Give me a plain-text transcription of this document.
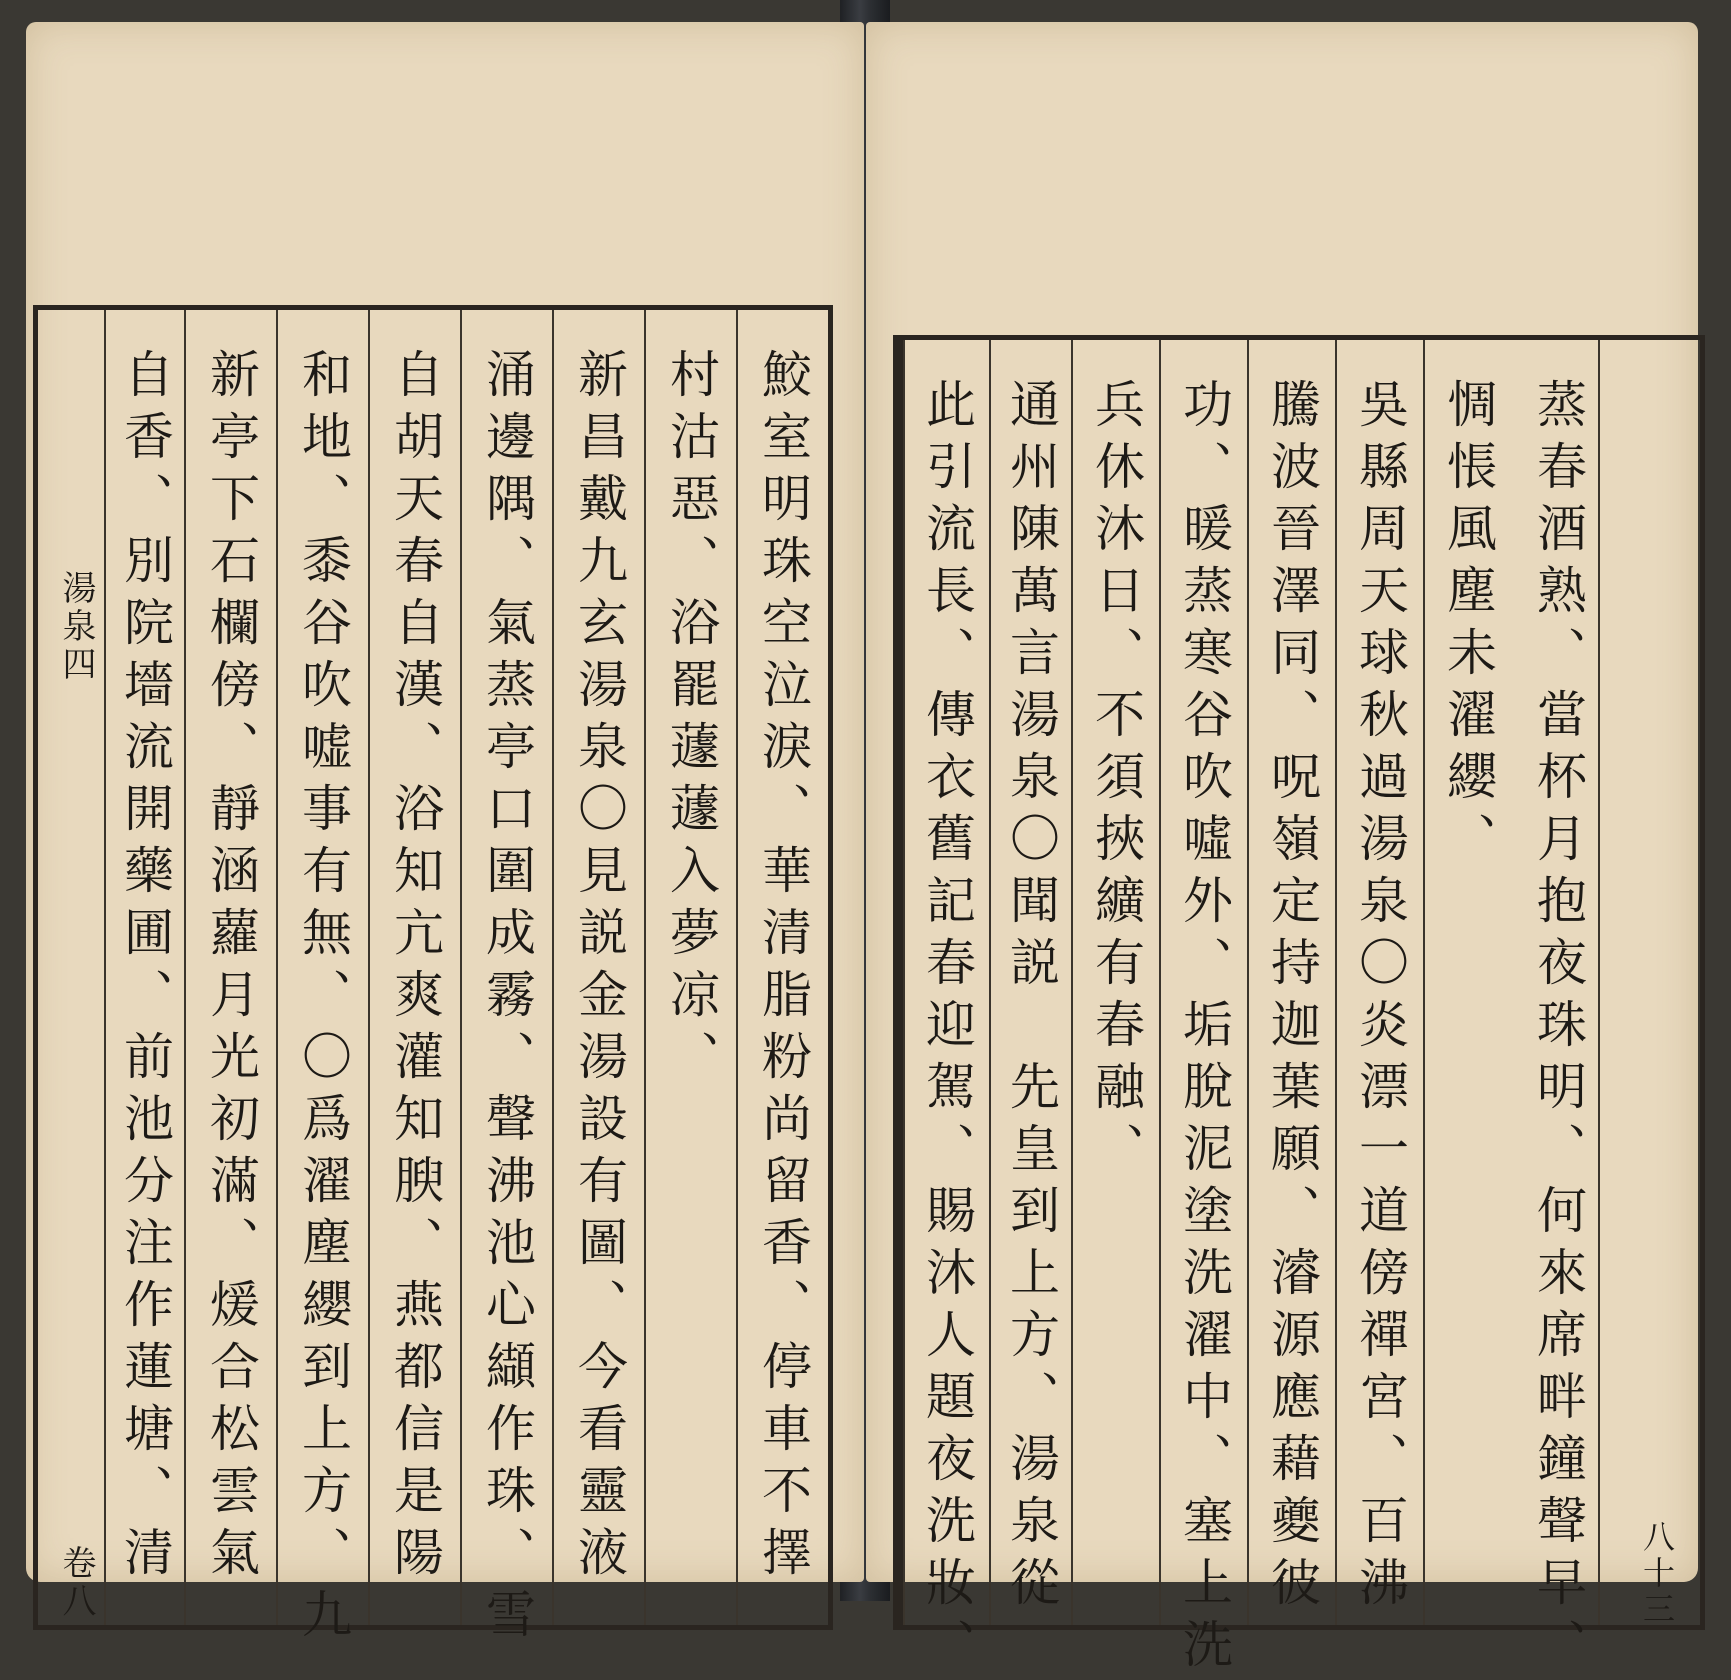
湯泉四
卷八	鮫室明珠空泣淚、華清脂粉尚留香、停車不擇
村沽惡、浴罷蘧蘧入夢凉、
新昌戴九玄湯泉〇見説金湯設有圖、今看靈液
涌邊隅、氣蒸亭口圍成霧、聲沸池心纈作珠、雪
自胡天春自漢、浴知亢爽灌知腴、燕都信是陽
和地、黍谷吹嘘事有無、〇爲濯塵纓到上方、九
新亭下石欄傍、靜涵蘿月光初滿、煖合松雲氣
自香、別院墻流開藥圃、前池分注作蓮塘、清	八十三
蒸春酒熟、當杯月抱夜珠明、何來席畔鐘聲早、
惆悵風塵未濯纓、
吳縣周天球秋過湯泉〇炎漂一道傍禪宮、百沸
騰波晉澤同、呪嶺定持迦葉願、濬源應藉夔彼
功、暖蒸寒谷吹噓外、垢脫泥塗洗濯中、塞上洗
兵休沐日、不須挾纊有春融、
通州陳萬言湯泉〇聞説　先皇到上方、湯泉從
此引流長、傳衣舊記春迎駕、賜沐人題夜洗妝、
